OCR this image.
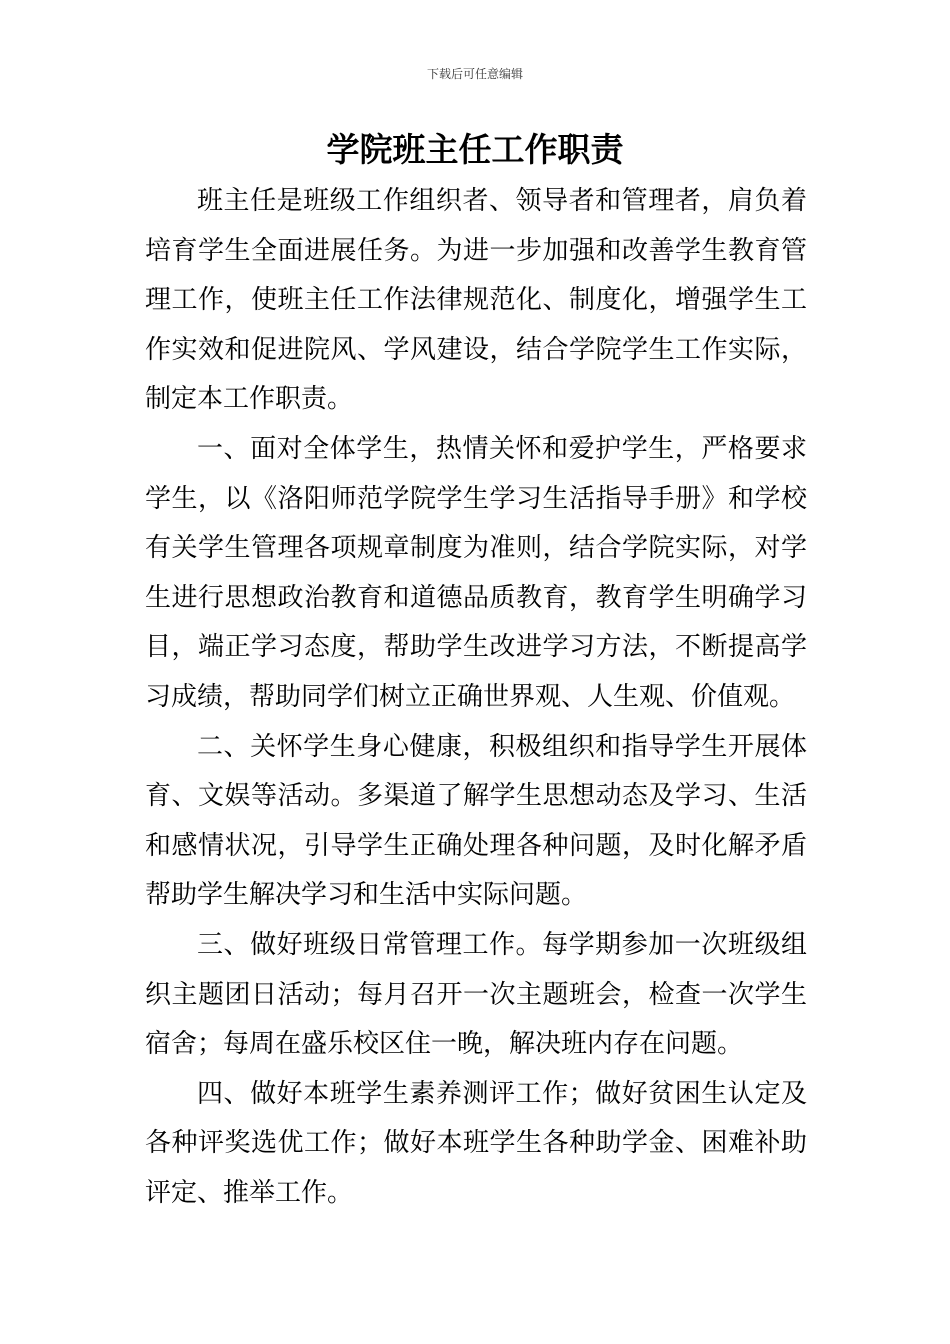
下载后可任意编辑
学院班主任工作职责

班主任是班级工作组织者、领导者和管理者，肩负着培育学生全面进展任务。为进一步加强和改善学生教育管理工作，使班主任工作法律规范化、制度化，增强学生工作实效和促进院风、学风建设，结合学院学生工作实际，制定本工作职责。

一、面对全体学生，热情关怀和爱护学生，严格要求学生，以《洛阳师范学院学生学习生活指导手册》和学校有关学生管理各项规章制度为准则，结合学院实际，对学生进行思想政治教育和道德品质教育，教育学生明确学习目，端正学习态度，帮助学生改进学习方法，不断提高学习成绩，帮助同学们树立正确世界观、人生观、价值观。

二、关怀学生身心健康，积极组织和指导学生开展体育、文娱等活动。多渠道了解学生思想动态及学习、生活和感情状况，引导学生正确处理各种问题，及时化解矛盾帮助学生解决学习和生活中实际问题。

三、做好班级日常管理工作。每学期参加一次班级组织主题团日活动；每月召开一次主题班会，检查一次学生宿舍；每周在盛乐校区住一晚，解决班内存在问题。

四、做好本班学生素养测评工作；做好贫困生认定及各种评奖选优工作；做好本班学生各种助学金、困难补助评定、推举工作。
